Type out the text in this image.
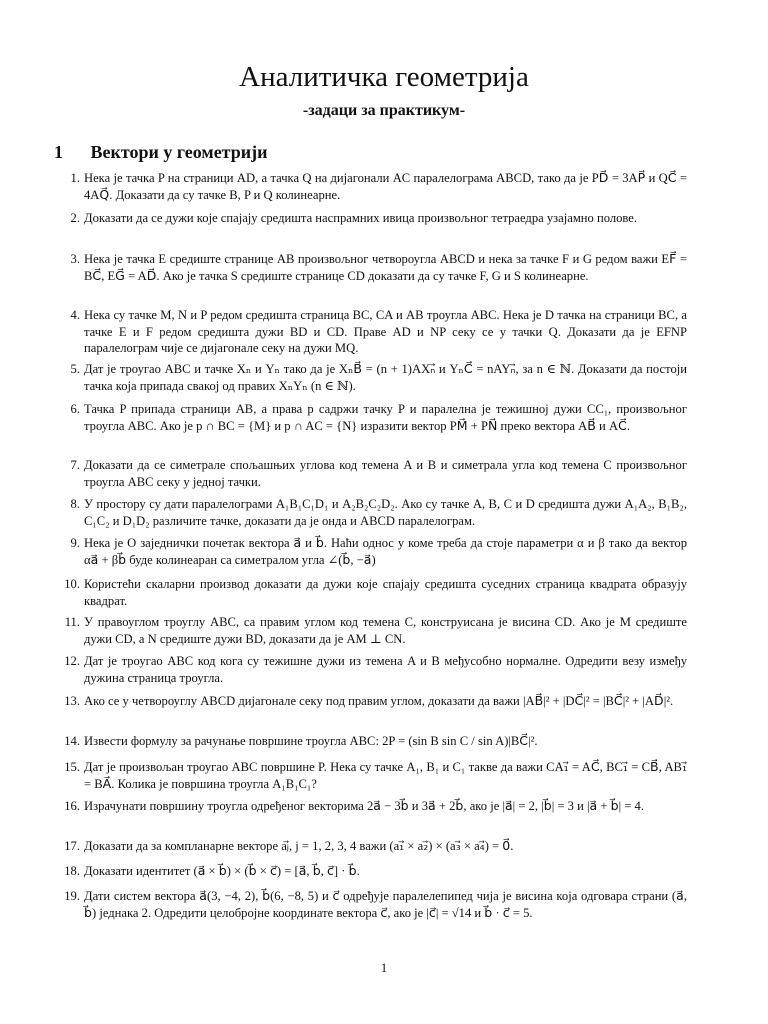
Аналитичка геометрија
-задаци за практикум-
1 Вектори у геометрији
1. Нека је тачка P на страници AD, а тачка Q на дијагонали AC паралелограма ABCD, тако да је PD⃗ = 3AP⃗ и QC⃗ = 4AQ⃗. Доказати да су тачке B, P и Q колинеарне.
2. Доказати да се дужи које спајају средишта наспрамних ивица произвољног тетраедра узајамно полове.
3. Нека је тачка E средиште странице AB произвољног четвороугла ABCD и нека за тачке F и G редом важи EF⃗ = BC⃗, EG⃗ = AD⃗. Ако је тачка S средиште странице CD доказати да су тачке F, G и S колинеарне.
4. Нека су тачке M, N и P редом средишта страница BC, CA и AB троугла ABC. Нека је D тачка на страници BC, а тачке E и F редом средишта дужи BD и CD. Праве AD и NP секу се у тачки Q. Доказати да је EFNP паралелограм чије се дијагонале секу на дужи MQ.
5. Дат је троугао ABC и тачке Xₙ и Yₙ тако да је XₙB⃗ = (n + 1)AXₙ⃗ и YₙC⃗ = nAYₙ⃗, за n ∈ ℕ. Доказати да постоји тачка која припада свакој од правих XₙYₙ (n ∈ ℕ).
6. Тачка P припада страници AB, а права p садржи тачку P и паралелна је тежишној дужи CC₁, произвољног троугла ABC. Ако је p ∩ BC = {M} и p ∩ AC = {N} изразити вектор PM⃗ + PN⃗ преко вектора AB⃗ и AC⃗.
7. Доказати да се симетрале спољашњих углова код темена A и B и симетрала угла код темена C произвољног троугла ABC секу у једној тачки.
8. У простору су дати паралелограми A₁B₁C₁D₁ и A₂B₂C₂D₂. Ако су тачке A, B, C и D средишта дужи A₁A₂, B₁B₂, C₁C₂ и D₁D₂ различите тачке, доказати да је онда и ABCD паралелограм.
9. Нека је O заједнички почетак вектора a⃗ и b⃗. Наћи однос у коме треба да стоје параметри α и β тако да вектор αa⃗ + βb⃗ буде колинеаран са симетралом угла ∠(b⃗, −a⃗)
10. Користећи скаларни производ доказати да дужи које спајају средишта суседних страница квадрата образују квадрат.
11. У правоуглом троуглу ABC, са правим углом код темена C, конструисана је висина CD. Ако је M средиште дужи CD, а N средиште дужи BD, доказати да је AM ⊥ CN.
12. Дат је троугао ABC код кога су тежишне дужи из темена A и B међусобно нормалне. Одредити везу између дужина страница троугла.
13. Ако се у четвороуглу ABCD дијагонале секу под правим углом, доказати да важи |AB⃗|² + |DC⃗|² = |BC⃗|² + |AD⃗|².
14. Извести формулу за рачунање површине троугла ABC: 2P = (sin B sin C / sin A)|BC⃗|².
15. Дат је произвољан троугао ABC површине P. Нека су тачке A₁, B₁ и C₁ такве да важи CA₁⃗ = AC⃗, BC₁⃗ = CB⃗, AB₁⃗ = BA⃗. Колика је површина троугла A₁B₁C₁?
16. Израчунати површину троугла одређеног векторима 2a⃗ − 3b⃗ и 3a⃗ + 2b⃗, ако је |a⃗| = 2, |b⃗| = 3 и |a⃗ + b⃗| = 4.
17. Доказати да за компланарне векторе aⱼ⃗, j = 1, 2, 3, 4 важи (a₁⃗ × a₂⃗) × (a₃⃗ × a₄⃗) = 0⃗.
18. Доказати идентитет (a⃗ × b⃗) × (b⃗ × c⃗) = [a⃗, b⃗, c⃗] · b⃗.
19. Дати систем вектора a⃗(3, −4, 2), b⃗(6, −8, 5) и c⃗ одређује паралелепипед чија је висина која одговара страни (a⃗, b⃗) једнака 2. Одредити целобројне координате вектора c⃗, ако је |c⃗| = √14 и b⃗ · c⃗ = 5.
1
